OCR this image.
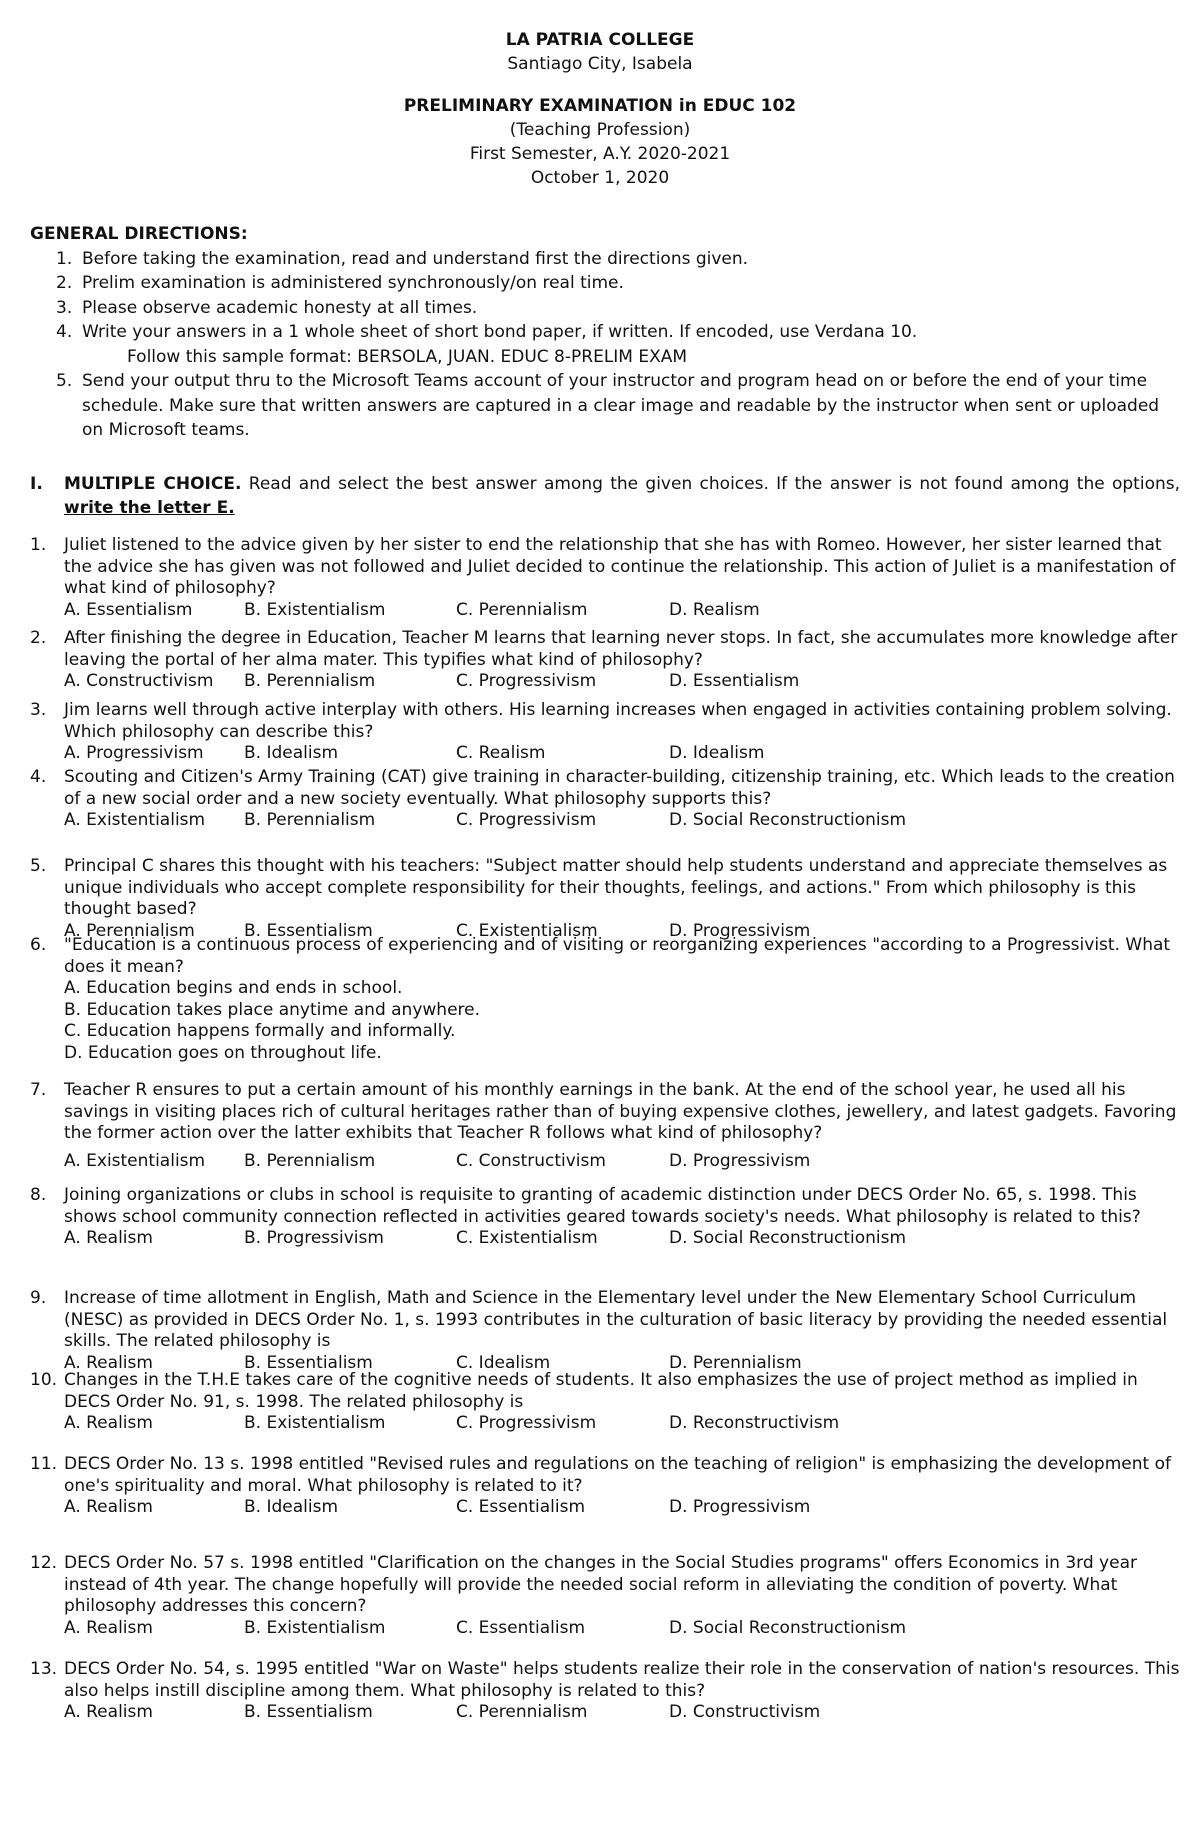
LA PATRIA COLLEGE
Santiago City, Isabela
PRELIMINARY EXAMINATION in EDUC 102
(Teaching Profession)
First Semester, A.Y. 2020-2021
October 1, 2020
GENERAL DIRECTIONS:
1. Before taking the examination, read and understand first the directions given.
2. Prelim examination is administered synchronously/on real time.
3. Please observe academic honesty at all times.
4. Write your answers in a 1 whole sheet of short bond paper, if written. If encoded, use Verdana 10.
Follow this sample format: BERSOLA, JUAN. EDUC 8-PRELIM EXAM
5. Send your output thru to the Microsoft Teams account of your instructor and program head on or before the end of your time schedule. Make sure that written answers are captured in a clear image and readable by the instructor when sent or uploaded on Microsoft teams.
I.	MULTIPLE CHOICE. Read and select the best answer among the given choices. If the answer is not found among the options, write the letter E.
1.	Juliet listened to the advice given by her sister to end the relationship that she has with Romeo. However, her sister learned that the advice she has given was not followed and Juliet decided to continue the relationship. This action of Juliet is a manifestation of what kind of philosophy?
A. Essentialism	B. Existentialism	C. Perennialism	D. Realism
2.	After finishing the degree in Education, Teacher M learns that learning never stops. In fact, she accumulates more knowledge after leaving the portal of her alma mater. This typifies what kind of philosophy?
A. Constructivism B. Perennialism	C. Progressivism	D. Essentialism
3.	Jim learns well through active interplay with others. His learning increases when engaged in activities containing problem solving. Which philosophy can describe this?
A. Progressivism B. Idealism	C. Realism	D. Idealism
4.	Scouting and Citizen's Army Training (CAT) give training in character-building, citizenship training, etc. Which leads to the creation of a new social order and a new society eventually. What philosophy supports this?
A. Existentialism B. Perennialism	C. Progressivism	D. Social Reconstructionism
5.	Principal C shares this thought with his teachers: "Subject matter should help students understand and appreciate themselves as unique individuals who accept complete responsibility for their thoughts, feelings, and actions." From which philosophy is this thought based?
A. Perennialism	B. Essentialism	C. Existentialism	D. Progressivism
6.	"Education is a continuous process of experiencing and of visiting or reorganizing experiences "according to a Progressivist. What does it mean?
A. Education begins and ends in school.
B. Education takes place anytime and anywhere.
C. Education happens formally and informally.
D. Education goes on throughout life.
7.	Teacher R ensures to put a certain amount of his monthly earnings in the bank. At the end of the school year, he used all his savings in visiting places rich of cultural heritages rather than of buying expensive clothes, jewellery, and latest gadgets. Favoring the former action over the latter exhibits that Teacher R follows what kind of philosophy?
A. Existentialism B. Perennialism	C. Constructivism	D. Progressivism
8.	Joining organizations or clubs in school is requisite to granting of academic distinction under DECS Order No. 65, s. 1998. This shows school community connection reflected in activities geared towards society's needs. What philosophy is related to this?
A. Realism	B. Progressivism	C. Existentialism	D. Social Reconstructionism
9.	Increase of time allotment in English, Math and Science in the Elementary level under the New Elementary School Curriculum (NESC) as provided in DECS Order No. 1, s. 1993 contributes in the culturation of basic literacy by providing the needed essential skills. The related philosophy is
A. Realism	B. Essentialism	C. Idealism	D. Perennialism
10. Changes in the T.H.E takes care of the cognitive needs of students. It also emphasizes the use of project method as implied in DECS Order No. 91, s. 1998. The related philosophy is
A. Realism	B. Existentialism	C. Progressivism	D. Reconstructivism
11. DECS Order No. 13 s. 1998 entitled "Revised rules and regulations on the teaching of religion" is emphasizing the development of one's spirituality and moral. What philosophy is related to it?
A. Realism	B. Idealism	C. Essentialism	D. Progressivism
12. DECS Order No. 57 s. 1998 entitled "Clarification on the changes in the Social Studies programs" offers Economics in 3rd year instead of 4th year. The change hopefully will provide the needed social reform in alleviating the condition of poverty. What philosophy addresses this concern?
A. Realism	B. Existentialism	C. Essentialism	D. Social Reconstructionism
13. DECS Order No. 54, s. 1995 entitled "War on Waste" helps students realize their role in the conservation of nation's resources. This also helps instill discipline among them. What philosophy is related to this?
A. Realism	B. Essentialism	C. Perennialism	D. Constructivism
